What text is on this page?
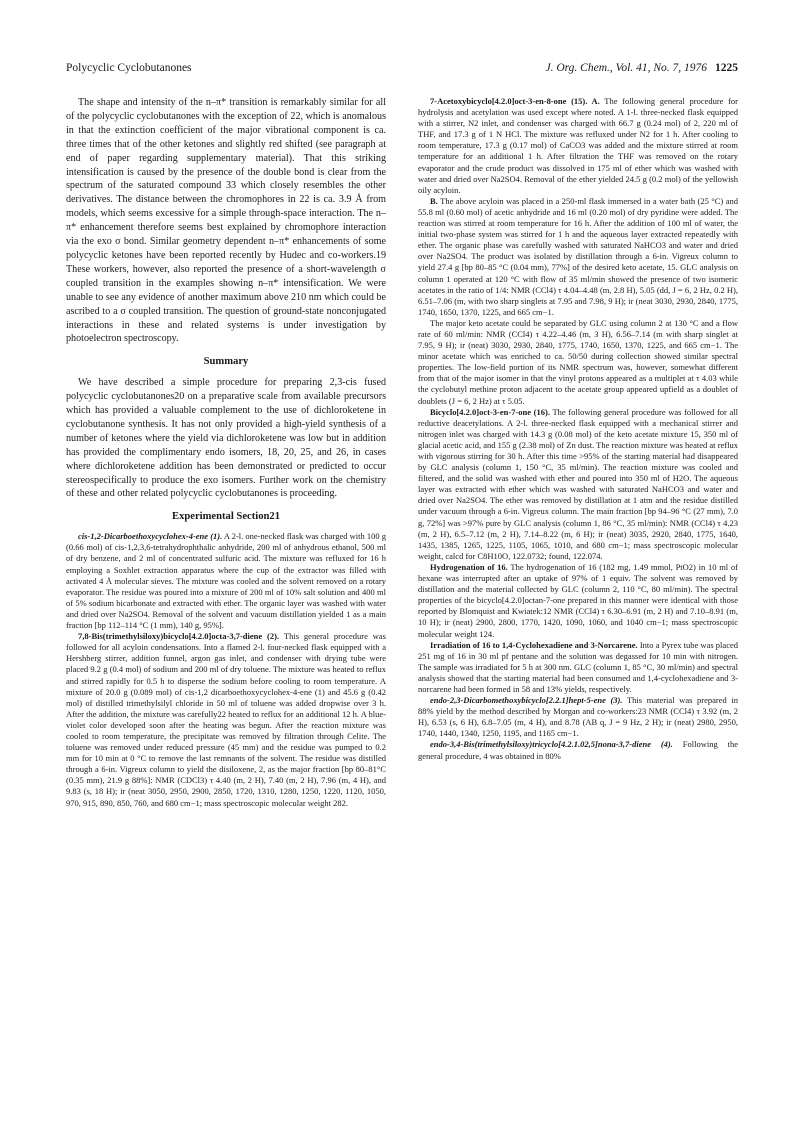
Polycyclic Cyclobutanones	J. Org. Chem., Vol. 41, No. 7, 1976 1225

The shape and intensity of the n–π* transition is remarkably similar for all of the polycyclic cyclobutanones with the exception of 22, which is anomalous in that the extinction coefficient of the major vibrational component is ca. three times that of the other ketones and slightly red shifted (see paragraph at end of paper regarding supplementary material). That this striking intensification is caused by the presence of the double bond is clear from the spectrum of the saturated compound 33 which closely resembles the other derivatives. The distance between the chromophores in 22 is ca. 3.9 Å from models, which seems excessive for a simple through-space interaction. The n–π* enhancement therefore seems best explained by chromophore interaction via the exo σ bond. Similar geometry dependent n–π* enhancements of some polycyclic ketones have been reported recently by Hudec and co-workers.19 These workers, however, also reported the presence of a short-wavelength σ coupled transition in the examples showing n–π* intensification. We were unable to see any evidence of another maximum above 210 nm which could be ascribed to a σ coupled transition. The question of ground-state nonconjugated interactions in these and related systems is under investigation by photoelectron spectroscopy.

Summary

We have described a simple procedure for preparing 2,3-cis fused polycyclic cyclobutanones20 on a preparative scale from available precursors which has provided a valuable complement to the use of dichloroketene in cyclobutanone synthesis. It has not only provided a high-yield synthesis of a number of ketones where the yield via dichloroketene was low but in addition has provided the complimentary endo isomers, 18, 20, 25, and 26, in cases where dichloroketene addition has been demonstrated or predicted to occur stereospecifically to produce the exo isomers. Further work on the chemistry of these and other related polycyclic cyclobutanones is proceeding.

Experimental Section21

cis-1,2-Dicarboethoxycyclohex-4-ene (1). A 2-l. one-necked flask was charged with 100 g (0.66 mol) of cis-1,2,3,6-tetrahydrophthalic anhydride, 200 ml of anhydrous ethanol, 500 ml of dry benzene, and 2 ml of concentrated sulfuric acid. The mixture was refluxed for 16 h employing a Soxhlet extraction apparatus where the cup of the extractor was filled with activated 4 Å molecular sieves. The mixture was cooled and the solvent removed on a rotary evaporator. The residue was poured into a mixture of 200 ml of 10% salt solution and 400 ml of 5% sodium bicarbonate and extracted with ether. The organic layer was washed with water and dried over Na2SO4. Removal of the solvent and vacuum distillation yielded 1 as a main fraction [bp 112–114 °C (1 mm), 140 g, 95%].

7,8-Bis(trimethylsiloxy)bicyclo[4.2.0]octa-3,7-diene (2). This general procedure was followed for all acyloin condensations. Into a flamed 2-l. four-necked flask equipped with a Hershberg stirrer, addition funnel, argon gas inlet, and condenser with drying tube were placed 9.2 g (0.4 mol) of sodium and 200 ml of dry toluene. The mixture was heated to reflux and stirred rapidly for 0.5 h to disperse the sodium before cooling to room temperature. A mixture of 20.0 g (0.089 mol) of cis-1,2 dicarboethoxycyclohex-4-ene (1) and 45.6 g (0.42 mol) of distilled trimethylsilyl chloride in 50 ml of toluene was added dropwise over 3 h. After the addition, the mixture was carefully22 heated to reflux for an additional 12 h. A blue-violet color developed soon after the heating was begun. After the reaction mixture was cooled to room temperature, the precipitate was removed by filtration through Celite. The toluene was removed under reduced pressure (45 mm) and the residue was pumped to 0.2 mm for 10 min at 0 °C to remove the last remnants of the solvent. The residue was distilled through a 6-in. Vigreux column to yield the disiloxene, 2, as the major fraction [bp 80–81°C (0.35 mm), 21.9 g 88%]: NMR (CDCl3) τ 4.40 (m, 2 H), 7.40 (m, 2 H), 7.96 (m, 4 H), and 9.83 (s, 18 H); ir (neat 3050, 2950, 2900, 2850, 1720, 1310, 1280, 1250, 1220, 1120, 1050, 970, 915, 890, 850, 760, and 680 cm−1; mass spectroscopic molecular weight 282.

7-Acetoxybicyclo[4.2.0]oct-3-en-8-one (15). A. The following general procedure for hydrolysis and acetylation was used except where noted. A 1-l. three-necked flask equipped with a stirrer, N2 inlet, and condenser was charged with 66.7 g (0.24 mol) of 2, 220 ml of THF, and 17.3 g of 1 N HCl. The mixture was refluxed under N2 for 1 h. After cooling to room temperature, 17.3 g (0.17 mol) of CaCO3 was added and the mixture stirred at room temperature for an additional 1 h. After filtration the THF was removed on the rotary evaporator and the crude product was dissolved in 175 ml of ether which was washed with water and dried over Na2SO4. Removal of the ether yielded 24.5 g (0.2 mol) of the yellowish oily acyloin.

B. The above acyloin was placed in a 250-ml flask immersed in a water bath (25 °C) and 55.8 ml (0.60 mol) of acetic anhydride and 16 ml (0.20 mol) of dry pyridine were added. The reaction was stirred at room temperature for 16 h. After the addition of 100 ml of water, the initial two-phase system was stirred for 1 h and the aqueous layer extracted repeatedly with ether. The organic phase was carefully washed with saturated NaHCO3 and water and dried over Na2SO4. The product was isolated by distillation through a 6-in. Vigreux column to yield 27.4 g [bp 80–85 °C (0.04 mm), 77%] of the desired keto acetate, 15. GLC analysis on column 1 operated at 120 °C with flow of 35 ml/min showed the presence of two isomeric acetates in the ratio of 1/4: NMR (CCl4) τ 4.04–4.48 (m, 2.8 H), 5.05 (dd, J = 6, 2 Hz, 0.2 H), 6.51–7.06 (m, with two sharp singlets at 7.95 and 7.98, 9 H); ir (neat 3030, 2930, 2840, 1775, 1740, 1650, 1370, 1225, and 665 cm−1.

The major keto acetate could be separated by GLC using column 2 at 130 °C and a flow rate of 60 ml/min: NMR (CCl4) τ 4.22–4.46 (m, 3 H), 6.56–7.14 (m with sharp singlet at 7.95, 9 H); ir (neat) 3030, 2930, 2840, 1775, 1740, 1650, 1370, 1225, and 665 cm−1. The minor acetate which was enriched to ca. 50/50 during collection showed similar spectral properties. The low-field portion of its NMR spectrum was, however, somewhat different from that of the major isomer in that the vinyl protons appeared as a multiplet at τ 4.03 while the cyclobutyl methine proton adjacent to the acetate group appeared upfield as a doublet of doublets (J = 6, 2 Hz) at τ 5.05.

Bicyclo[4.2.0]oct-3-en-7-one (16). The following general procedure was followed for all reductive deacetylations. A 2-l. three-necked flask equipped with a mechanical stirrer and nitrogen inlet was charged with 14.3 g (0.08 mol) of the keto acetate mixture 15, 350 ml of glacial acetic acid, and 155 g (2.38 mol) of Zn dust. The reaction mixture was heated at reflux with vigorous stirring for 30 h. After this time >95% of the starting material had disappeared by GLC analysis (column 1, 150 °C, 35 ml/min). The reaction mixture was cooled and filtered, and the solid was washed with ether and poured into 350 ml of H2O. The aqueous layer was extracted with ether which was washed with saturated NaHCO3 and water and dried over Na2SO4. The ether was removed by distillation at 1 atm and the residue distilled under vacuum through a 6-in. Vigreux column. The main fraction [bp 94–96 °C (27 mm), 7.0 g, 72%] was >97% pure by GLC analysis (column 1, 86 °C, 35 ml/min): NMR (CCl4) τ 4.23 (m, 2 H), 6.5–7.12 (m, 2 H), 7.14–8.22 (m, 6 H); ir (neat) 3035, 2920, 2840, 1775, 1640, 1435, 1385, 1265, 1225, 1105, 1065, 1010, and 680 cm−1; mass spectroscopic molecular weight, calcd for C8H10O, 122.0732; found, 122.074.

Hydrogenation of 16. The hydrogenation of 16 (182 mg, 1.49 mmol, PtO2) in 10 ml of hexane was interrupted after an uptake of 97% of 1 equiv. The solvent was removed by distillation and the material collected by GLC (column 2, 110 °C, 80 ml/min). The spectral properties of the bicyclo[4.2.0]octan-7-one prepared in this manner were identical with those reported by Blomquist and Kwiatek:12 NMR (CCl4) τ 6.30–6.91 (m, 2 H) and 7.10–8.91 (m, 10 H); ir (neat) 2900, 2800, 1770, 1420, 1090, 1060, and 1040 cm−1; mass spectroscopic molecular weight 124.

Irradiation of 16 to 1,4-Cyclohexadiene and 3-Norcarene. Into a Pyrex tube was placed 251 mg of 16 in 30 ml pf pentane and the solution was degassed for 10 min with nitrogen. The sample was irradiated for 5 h at 300 nm. GLC (column 1, 85 °C, 30 ml/min) and spectral analysis showed that the starting material had been consumed and 1,4-cyclohexadiene and 3-norcarene had been formed in 58 and 13% yields, respectively.

endo-2,3-Dicarbomethoxybicyclo[2.2.1]hept-5-ene (3). This material was prepared in 88% yield by the method described by Morgan and co-workers:23 NMR (CCl4) τ 3.92 (m, 2 H), 6.53 (s, 6 H), 6.8–7.05 (m, 4 H), and 8.78 (AB q, J = 9 Hz, 2 H); ir (neat) 2980, 2950, 1740, 1440, 1340, 1250, 1195, and 1165 cm−1.

endo-3,4-Bis(trimethylsiloxy)tricyclo[4.2.1.02,5]nona-3,7-diene (4). Following the general procedure, 4 was obtained in 80%
